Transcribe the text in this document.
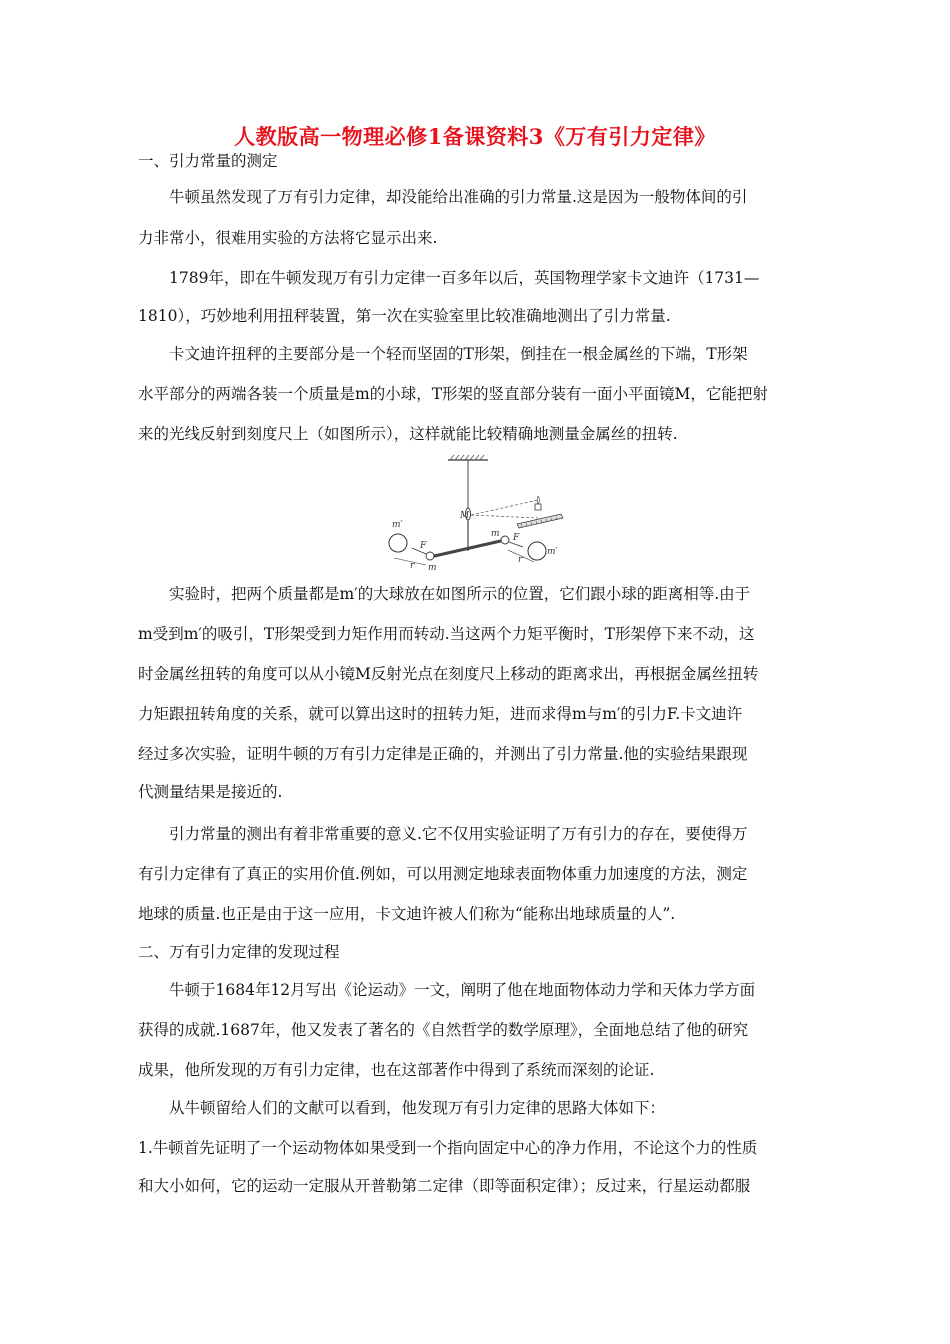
人教版高一物理必修1备课资料3《万有引力定律》
一、引力常量的测定
　　牛顿虽然发现了万有引力定律，却没能给出准确的引力常量.这是因为一般物体间的引
力非常小，很难用实验的方法将它显示出来.
　　1789年，即在牛顿发现万有引力定律一百多年以后，英国物理学家卡文迪许（1731—
1810），巧妙地利用扭秤装置，第一次在实验室里比较准确地测出了引力常量.
　　卡文迪许扭秤的主要部分是一个轻而坚固的T形架，倒挂在一根金属丝的下端，T形架
水平部分的两端各装一个质量是m的小球，T形架的竖直部分装有一面小平面镜M，它能把射
来的光线反射到刻度尺上（如图所示），这样就能比较精确地测量金属丝的扭转.
M
m′
m′
m
m
F
F
r
r
　　实验时，把两个质量都是m′的大球放在如图所示的位置，它们跟小球的距离相等.由于
m受到m′的吸引，T形架受到力矩作用而转动.当这两个力矩平衡时，T形架停下来不动，这
时金属丝扭转的角度可以从小镜M反射光点在刻度尺上移动的距离求出，再根据金属丝扭转
力矩跟扭转角度的关系，就可以算出这时的扭转力矩，进而求得m与m′的引力F.卡文迪许
经过多次实验，证明牛顿的万有引力定律是正确的，并测出了引力常量.他的实验结果跟现
代测量结果是接近的.
　　引力常量的测出有着非常重要的意义.它不仅用实验证明了万有引力的存在，要使得万
有引力定律有了真正的实用价值.例如，可以用测定地球表面物体重力加速度的方法，测定
地球的质量.也正是由于这一应用，卡文迪许被人们称为“能称出地球质量的人”.
二、万有引力定律的发现过程
　　牛顿于1684年12月写出《论运动》一文，阐明了他在地面物体动力学和天体力学方面
获得的成就.1687年，他又发表了著名的《自然哲学的数学原理》，全面地总结了他的研究
成果，他所发现的万有引力定律，也在这部著作中得到了系统而深刻的论证.
　　从牛顿留给人们的文献可以看到，他发现万有引力定律的思路大体如下：
1.牛顿首先证明了一个运动物体如果受到一个指向固定中心的净力作用，不论这个力的性质
和大小如何，它的运动一定服从开普勒第二定律（即等面积定律）；反过来，行星运动都服
